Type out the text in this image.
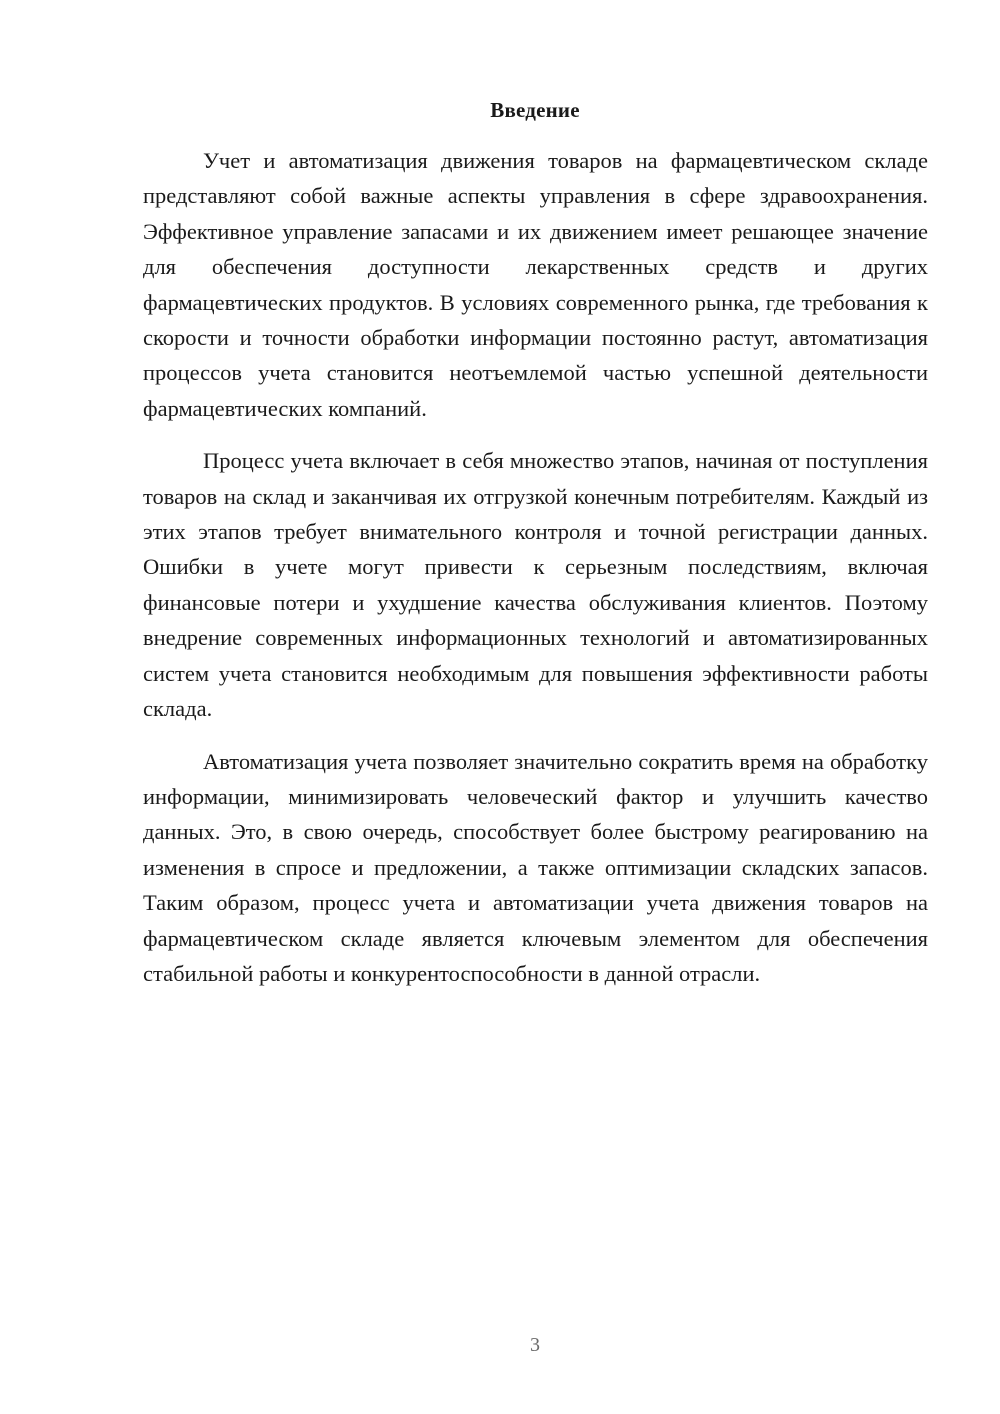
Введение

Учет и автоматизация движения товаров на фармацевтическом складе представляют собой важные аспекты управления в сфере здравоохранения. Эффективное управление запасами и их движением имеет решающее значение для обеспечения доступности лекарственных средств и других фармацевтических продуктов. В условиях современного рынка, где требования к скорости и точности обработки информации постоянно растут, автоматизация процессов учета становится неотъемлемой частью успешной деятельности фармацевтических компаний.

Процесс учета включает в себя множество этапов, начиная от поступления товаров на склад и заканчивая их отгрузкой конечным потребителям. Каждый из этих этапов требует внимательного контроля и точной регистрации данных. Ошибки в учете могут привести к серьезным последствиям, включая финансовые потери и ухудшение качества обслуживания клиентов. Поэтому внедрение современных информационных технологий и автоматизированных систем учета становится необходимым для повышения эффективности работы склада.

Автоматизация учета позволяет значительно сократить время на обработку информации, минимизировать человеческий фактор и улучшить качество данных. Это, в свою очередь, способствует более быстрому реагированию на изменения в спросе и предложении, а также оптимизации складских запасов. Таким образом, процесс учета и автоматизации учета движения товаров на фармацевтическом складе является ключевым элементом для обеспечения стабильной работы и конкурентоспособности в данной отрасли.

3
